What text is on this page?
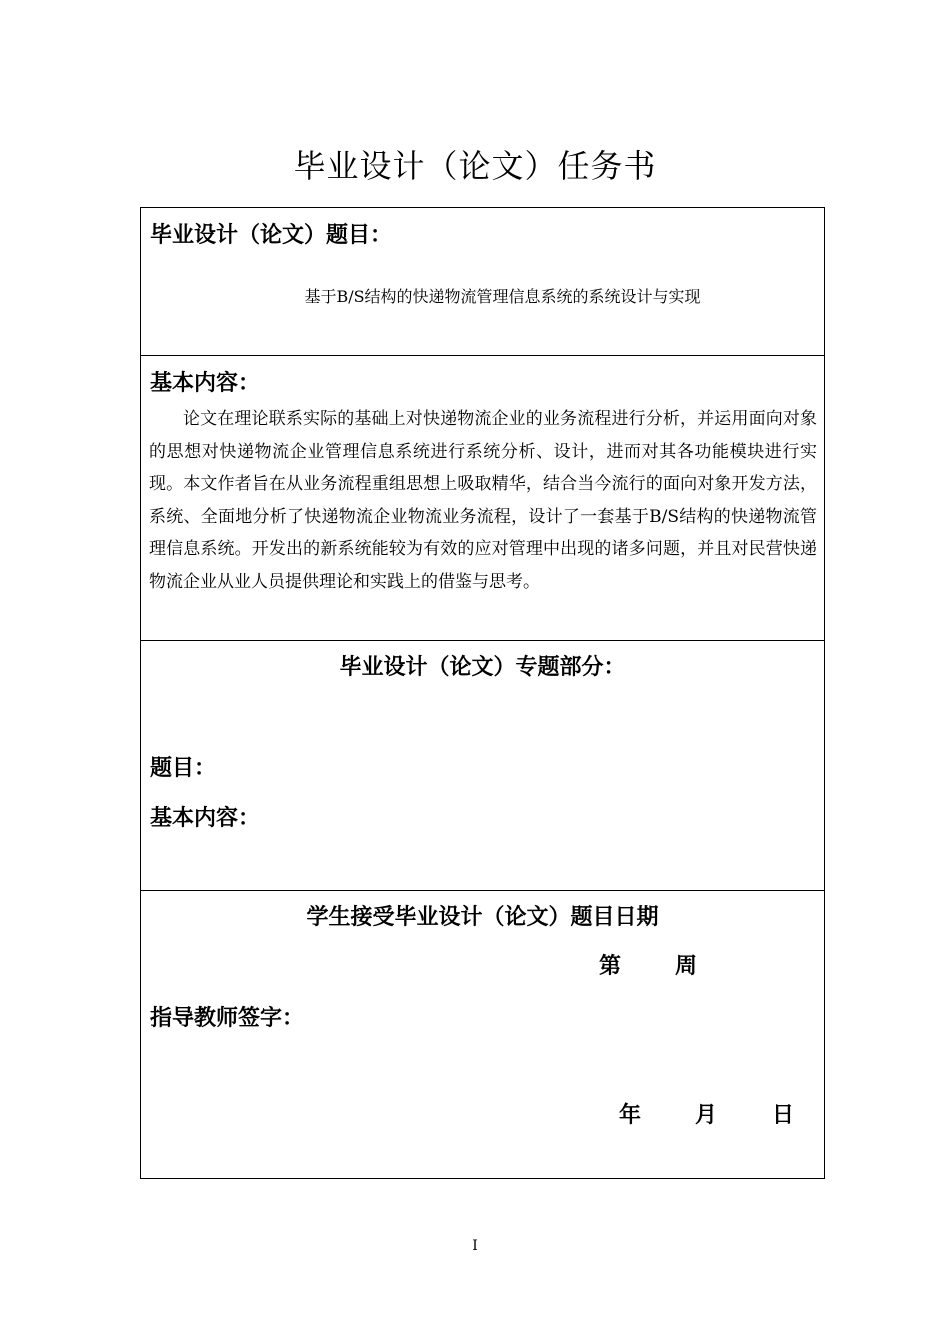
毕业设计（论文）任务书
毕业设计（论文）题目：
基于B/S结构的快递物流管理信息系统的系统设计与实现
基本内容：
毕业设计（论文）专题部分：
题目：
基本内容：
学生接受毕业设计（论文）题目日期
第 周
指导教师签字：
年 月 日

论文在理论联系实际的基础上对快递物流企业的业务流程进行分析，并运用面向对象的思想对快递物流企业管理信息系统进行系统分析、设计，进而对其各功能模块进行实现。本文作者旨在从业务流程重组思想上吸取精华，结合当今流行的面向对象开发方法，系统、全面地分析了快递物流企业物流业务流程，设计了一套基于B/S结构的快递物流管理信息系统。开发出的新系统能较为有效的应对管理中出现的诸多问题，并且对民营快递物流企业从业人员提供理论和实践上的借鉴与思考。

I
